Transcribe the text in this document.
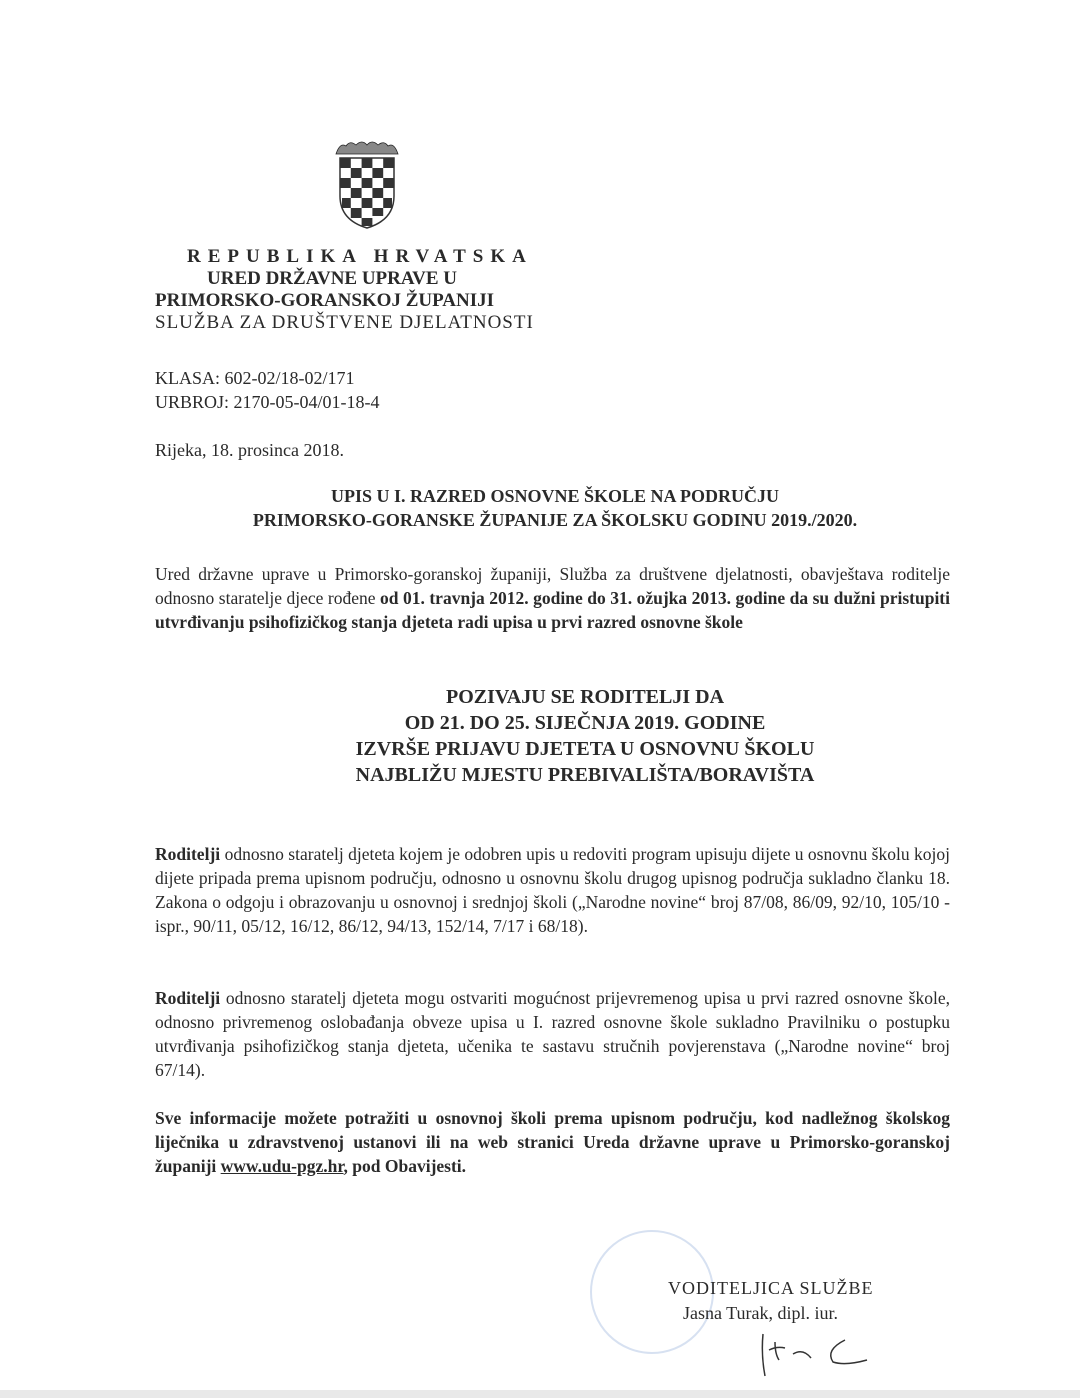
REPUBLIKA HRVATSKA
URED DRŽAVNE UPRAVE U
PRIMORSKO-GORANSKOJ ŽUPANIJI
SLUŽBA ZA DRUŠTVENE DJELATNOSTI
KLASA: 602-02/18-02/171
URBROJ: 2170-05-04/01-18-4
Rijeka, 18. prosinca 2018.
UPIS U I. RAZRED OSNOVNE ŠKOLE NA PODRUČJU
PRIMORSKO-GORANSKE ŽUPANIJE ZA ŠKOLSKU GODINU 2019./2020.
Ured državne uprave u Primorsko-goranskoj županiji, Služba za društvene djelatnosti, obavještava roditelje odnosno staratelje djece rođene od 01. travnja 2012. godine do 31. ožujka 2013. godine da su dužni pristupiti utvrđivanju psihofizičkog stanja djeteta radi upisa u prvi razred osnovne škole
POZIVAJU SE RODITELJI DA
OD 21. DO 25. SIJEČNJA 2019. GODINE
IZVRŠE PRIJAVU DJETETA U OSNOVNU ŠKOLU
NAJBLIŽU MJESTU PREBIVALIŠTA/BORAVIŠTA
Roditelji odnosno staratelj djeteta kojem je odobren upis u redoviti program upisuju dijete u osnovnu školu kojoj dijete pripada prema upisnom području, odnosno u osnovnu školu drugog upisnog područja sukladno članku 18. Zakona o odgoju i obrazovanju u osnovnoj i srednjoj školi („Narodne novine“ broj 87/08, 86/09, 92/10, 105/10 - ispr., 90/11, 05/12, 16/12, 86/12, 94/13, 152/14, 7/17 i 68/18).
Roditelji odnosno staratelj djeteta mogu ostvariti mogućnost prijevremenog upisa u prvi razred osnovne škole, odnosno privremenog oslobađanja obveze upisa u I. razred osnovne škole sukladno Pravilniku o postupku utvrđivanja psihofizičkog stanja djeteta, učenika te sastavu stručnih povjerenstava („Narodne novine“ broj 67/14).
Sve informacije možete potražiti u osnovnoj školi prema upisnom području, kod nadležnog školskog liječnika u zdravstvenoj ustanovi ili na web stranici Ureda državne uprave u Primorsko-goranskoj županiji www.udu-pgz.hr, pod Obavijesti.
VODITELJICA SLUŽBE
Jasna Turak, dipl. iur.
